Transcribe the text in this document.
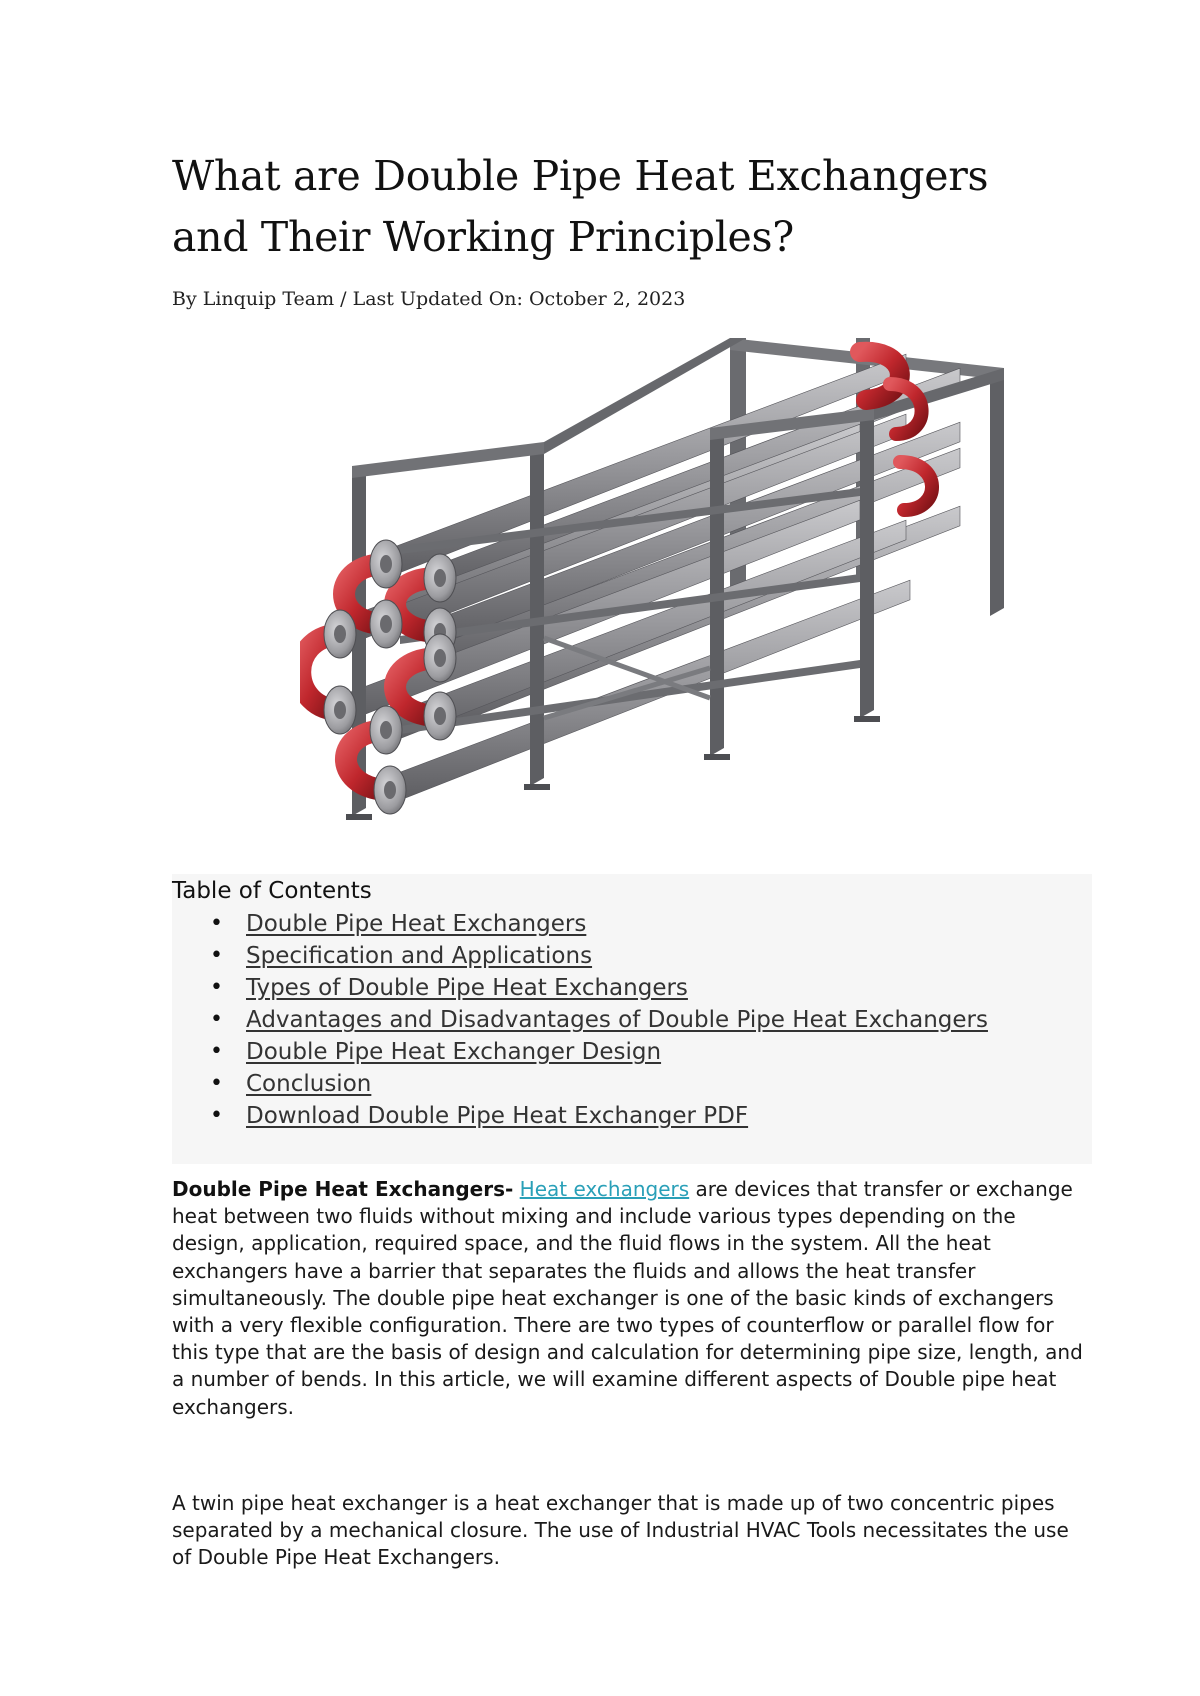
What are Double Pipe Heat Exchangers and Their Working Principles?
By Linquip Team / Last Updated On: October 2, 2023
Table of Contents
• Double Pipe Heat Exchangers
• Specification and Applications
• Types of Double Pipe Heat Exchangers
• Advantages and Disadvantages of Double Pipe Heat Exchangers
• Double Pipe Heat Exchanger Design
• Conclusion
• Download Double Pipe Heat Exchanger PDF

Double Pipe Heat Exchangers- Heat exchangers are devices that transfer or exchange heat between two fluids without mixing and include various types depending on the design, application, required space, and the fluid flows in the system. All the heat exchangers have a barrier that separates the fluids and allows the heat transfer simultaneously. The double pipe heat exchanger is one of the basic kinds of exchangers with a very flexible configuration. There are two types of counterflow or parallel flow for this type that are the basis of design and calculation for determining pipe size, length, and a number of bends. In this article, we will examine different aspects of Double pipe heat exchangers.

A twin pipe heat exchanger is a heat exchanger that is made up of two concentric pipes separated by a mechanical closure. The use of Industrial HVAC Tools necessitates the use of Double Pipe Heat Exchangers.
